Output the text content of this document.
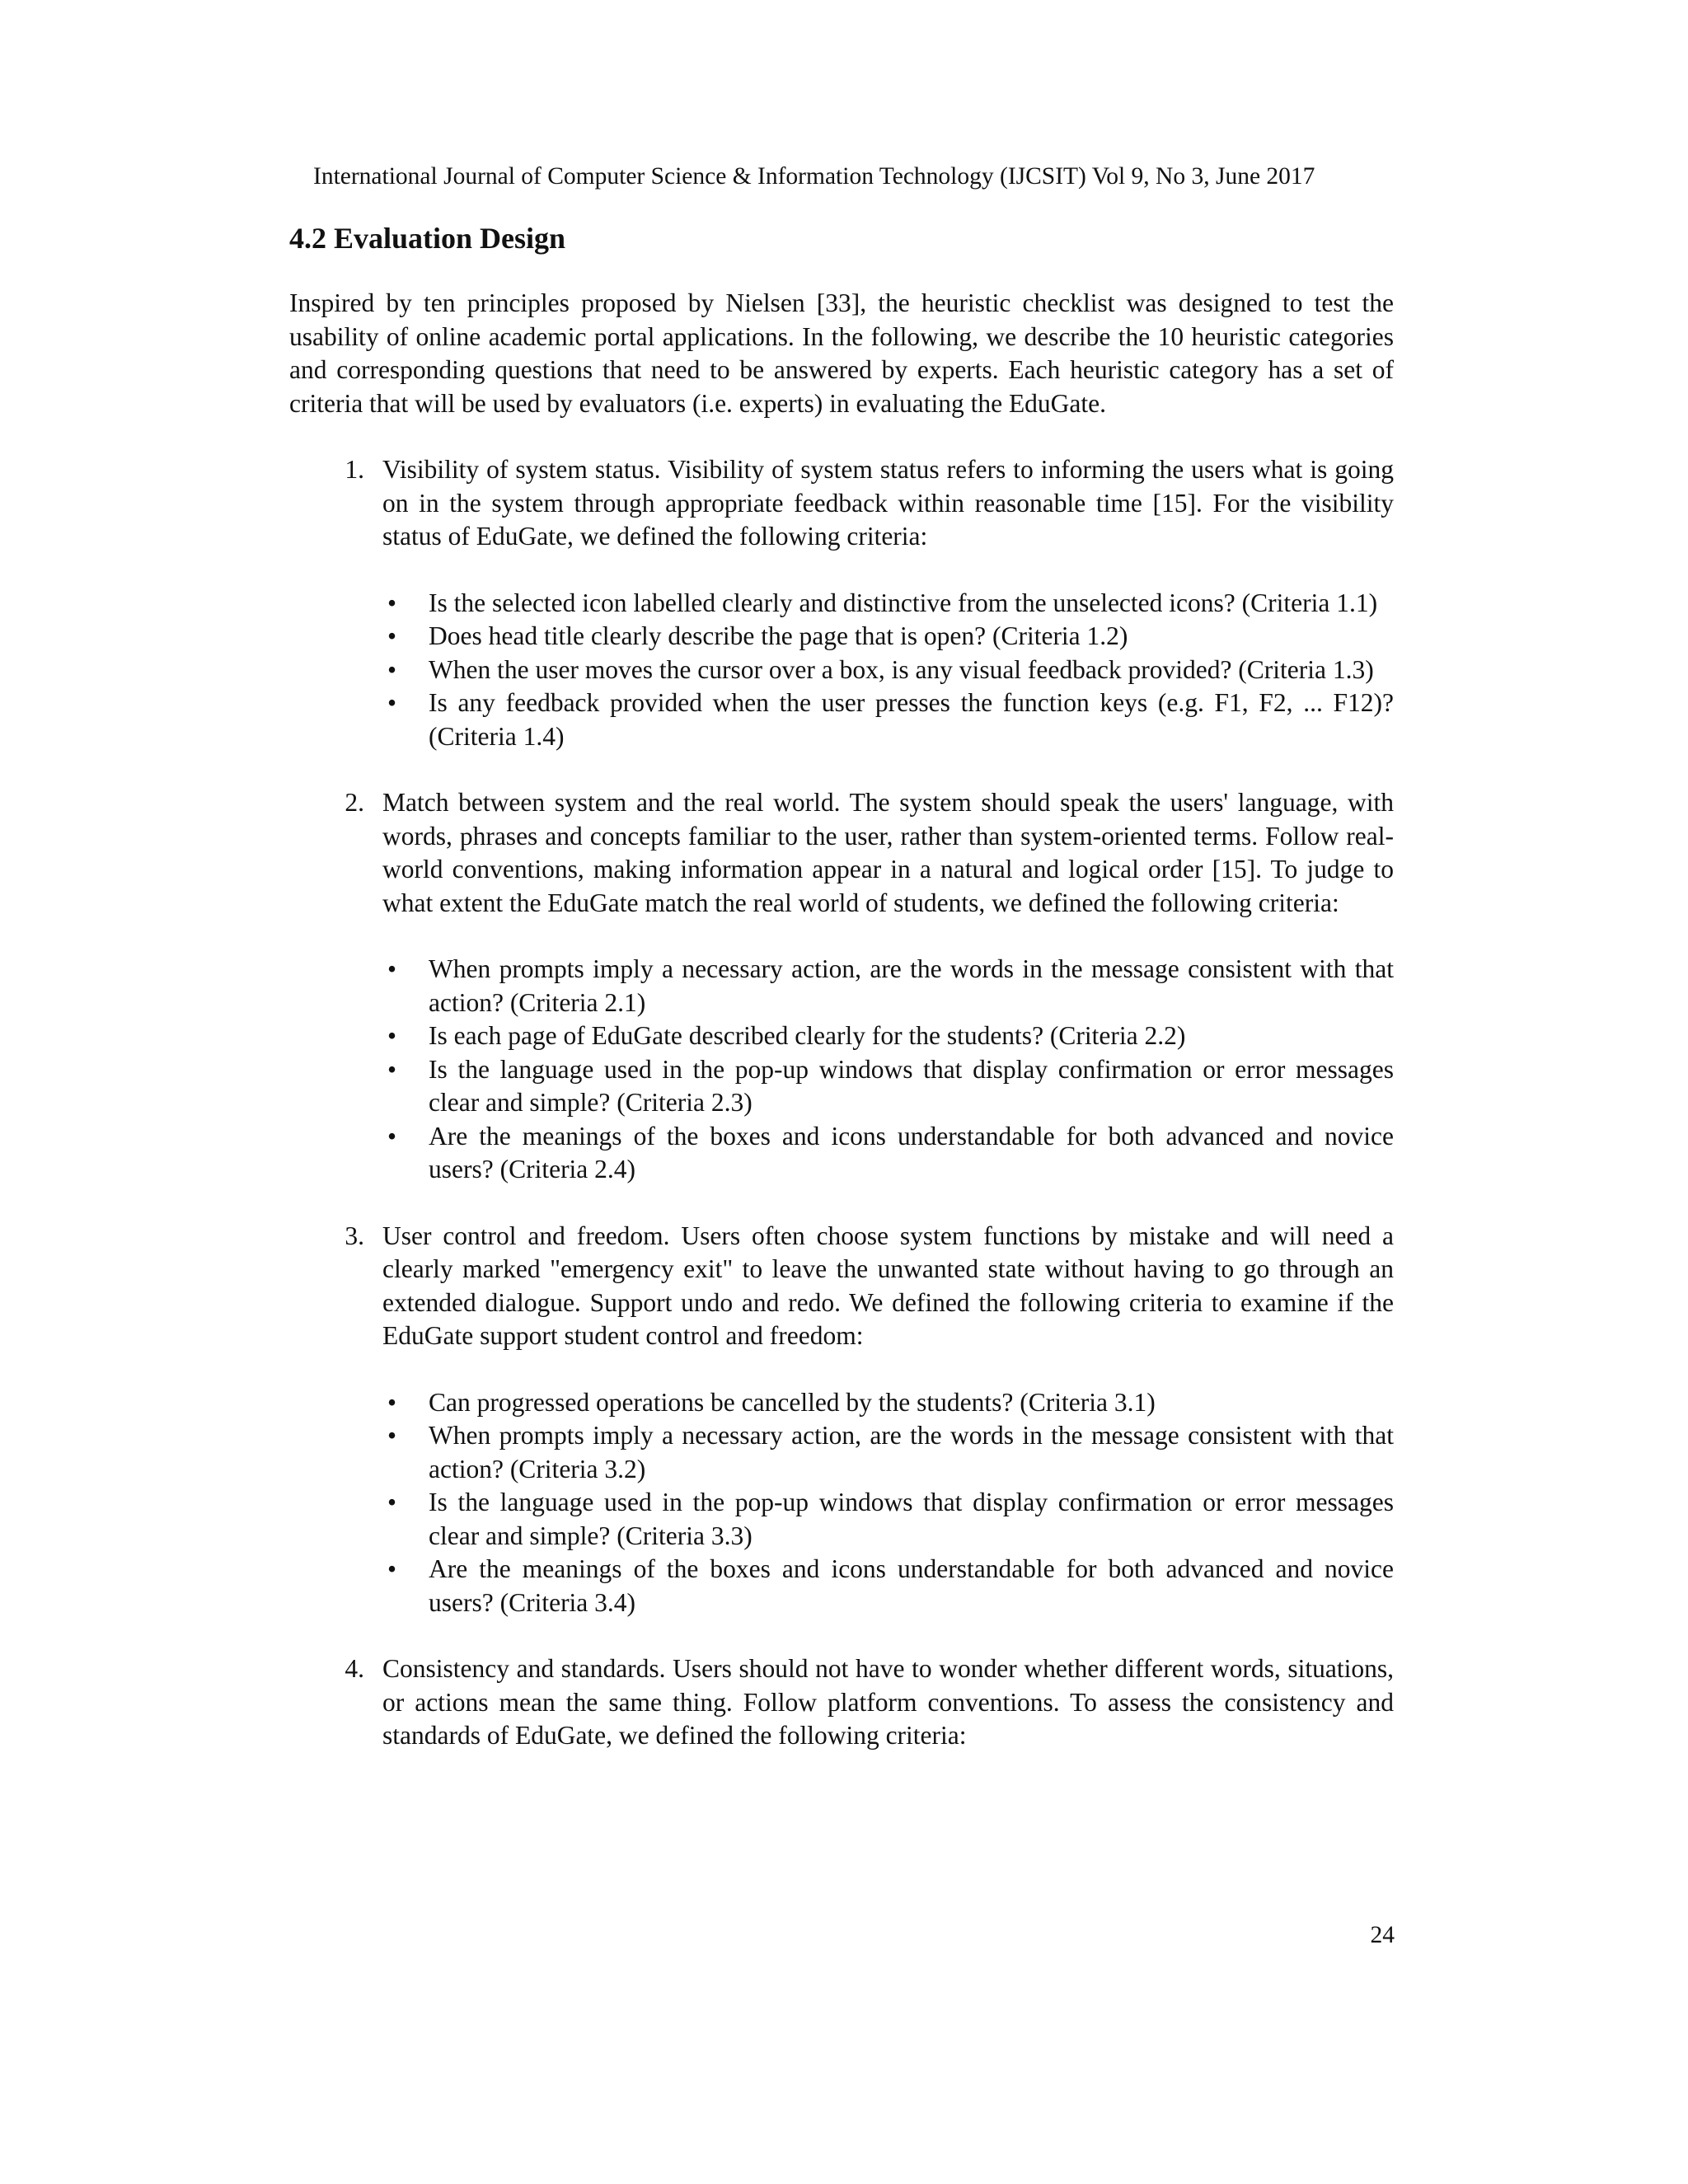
International Journal of Computer Science & Information Technology (IJCSIT) Vol 9, No 3, June 2017
4.2 Evaluation Design

Inspired by ten principles proposed by Nielsen [33], the heuristic checklist was designed to test the usability of online academic portal applications. In the following, we describe the 10 heuristic categories and corresponding questions that need to be answered by experts. Each heuristic category has a set of criteria that will be used by evaluators (i.e. experts) in evaluating the EduGate.

1. Visibility of system status. Visibility of system status refers to informing the users what is going on in the system through appropriate feedback within reasonable time [15]. For the visibility status of EduGate, we defined the following criteria:

•	Is the selected icon labelled clearly and distinctive from the unselected icons? (Criteria 1.1)
•	Does head title clearly describe the page that is open? (Criteria 1.2)
•	When the user moves the cursor over a box, is any visual feedback provided? (Criteria 1.3)
•	Is any feedback provided when the user presses the function keys (e.g. F1, F2, ... F12)? (Criteria 1.4)
2. Match between system and the real world. The system should speak the users' language, with words, phrases and concepts familiar to the user, rather than system-oriented terms. Follow real-world conventions, making information appear in a natural and logical order [15]. To judge to what extent the EduGate match the real world of students, we defined the following criteria:

•	When prompts imply a necessary action, are the words in the message consistent with that action? (Criteria 2.1)
•	Is each page of EduGate described clearly for the students? (Criteria 2.2)
•	Is the language used in the pop-up windows that display confirmation or error messages clear and simple? (Criteria 2.3)
•	Are the meanings of the boxes and icons understandable for both advanced and novice users? (Criteria 2.4)
3. User control and freedom. Users often choose system functions by mistake and will need a clearly marked "emergency exit" to leave the unwanted state without having to go through an extended dialogue. Support undo and redo. We defined the following criteria to examine if the EduGate support student control and freedom:

•	Can progressed operations be cancelled by the students? (Criteria 3.1)
•	When prompts imply a necessary action, are the words in the message consistent with that action? (Criteria 3.2)
•	Is the language used in the pop-up windows that display confirmation or error messages clear and simple? (Criteria 3.3)
•	Are the meanings of the boxes and icons understandable for both advanced and novice users? (Criteria 3.4)
4. Consistency and standards. Users should not have to wonder whether different words, situations, or actions mean the same thing. Follow platform conventions. To assess the consistency and standards of EduGate, we defined the following criteria:

24
